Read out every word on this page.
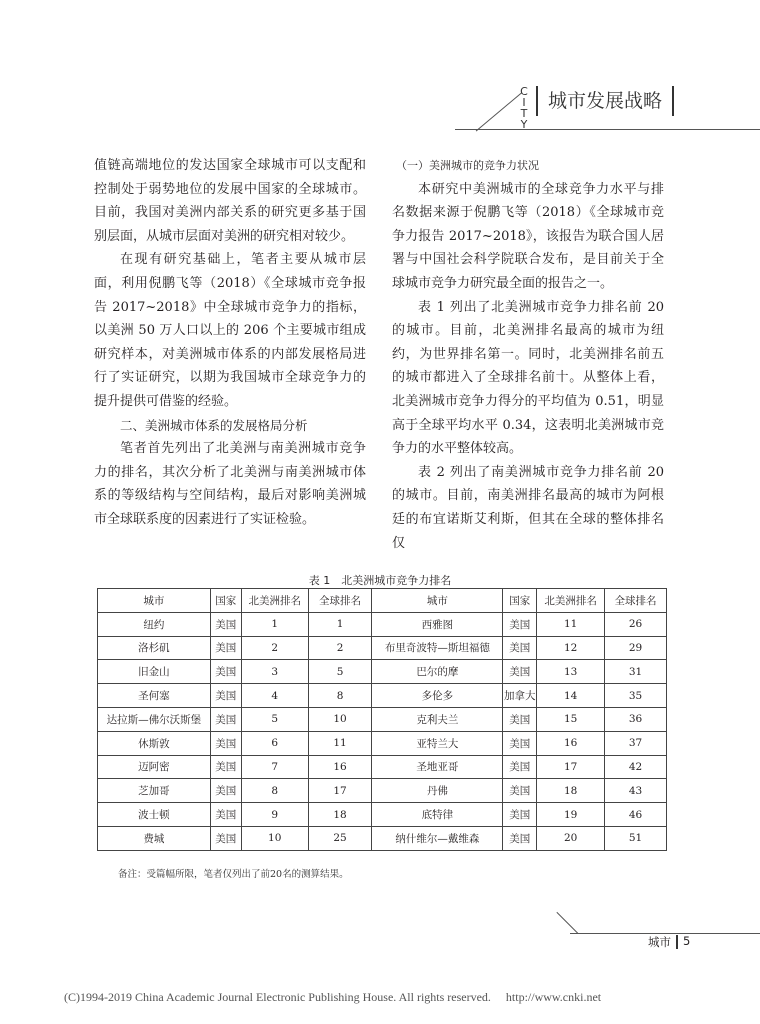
C
I
T
Y
城市发展战略

值链高端地位的发达国家全球城市可以支配和控制处于弱势地位的发展中国家的全球城市。目前，我国对美洲内部关系的研究更多基于国别层面，从城市层面对美洲的研究相对较少。

在现有研究基础上，笔者主要从城市层面，利用倪鹏飞等（2018）《全球城市竞争报告 2017~2018》中全球城市竞争力的指标，以美洲 50 万人口以上的 206 个主要城市组成研究样本，对美洲城市体系的内部发展格局进行了实证研究，以期为我国城市全球竞争力的提升提供可借鉴的经验。

二、美洲城市体系的发展格局分析

笔者首先列出了北美洲与南美洲城市竞争力的排名，其次分析了北美洲与南美洲城市体系的等级结构与空间结构，最后对影响美洲城市全球联系度的因素进行了实证检验。

（一）美洲城市的竞争力状况

本研究中美洲城市的全球竞争力水平与排名数据来源于倪鹏飞等（2018）《全球城市竞争力报告 2017~2018》，该报告为联合国人居署与中国社会科学院联合发布，是目前关于全球城市竞争力研究最全面的报告之一。

表 1 列出了北美洲城市竞争力排名前 20 的城市。目前，北美洲排名最高的城市为纽约，为世界排名第一。同时，北美洲排名前五的城市都进入了全球排名前十。从整体上看，北美洲城市竞争力得分的平均值为 0.51，明显高于全球平均水平 0.34，这表明北美洲城市竞争力的水平整体较高。

表 2 列出了南美洲城市竞争力排名前 20 的城市。目前，南美洲排名最高的城市为阿根廷的布宜诺斯艾利斯，但其在全球的整体排名仅

表 1　北美洲城市竞争力排名
城市	国家	北美洲排名	全球排名	城市	国家	北美洲排名	全球排名
纽约	美国	1	1	西雅图	美国	11	26
洛杉矶	美国	2	2	布里奇波特—斯坦福德	美国	12	29
旧金山	美国	3	5	巴尔的摩	美国	13	31
圣何塞	美国	4	8	多伦多	加拿大	14	35
达拉斯—佛尔沃斯堡	美国	5	10	克利夫兰	美国	15	36
休斯敦	美国	6	11	亚特兰大	美国	16	37
迈阿密	美国	7	16	圣地亚哥	美国	17	42
芝加哥	美国	8	17	丹佛	美国	18	43
波士顿	美国	9	18	底特律	美国	19	46
费城	美国	10	25	纳什维尔—戴维森	美国	20	51
备注：受篇幅所限，笔者仅列出了前20名的测算结果。
城市 5
(C)1994-2019 China Academic Journal Electronic Publishing House. All rights reserved.　 http://www.cnki.net
